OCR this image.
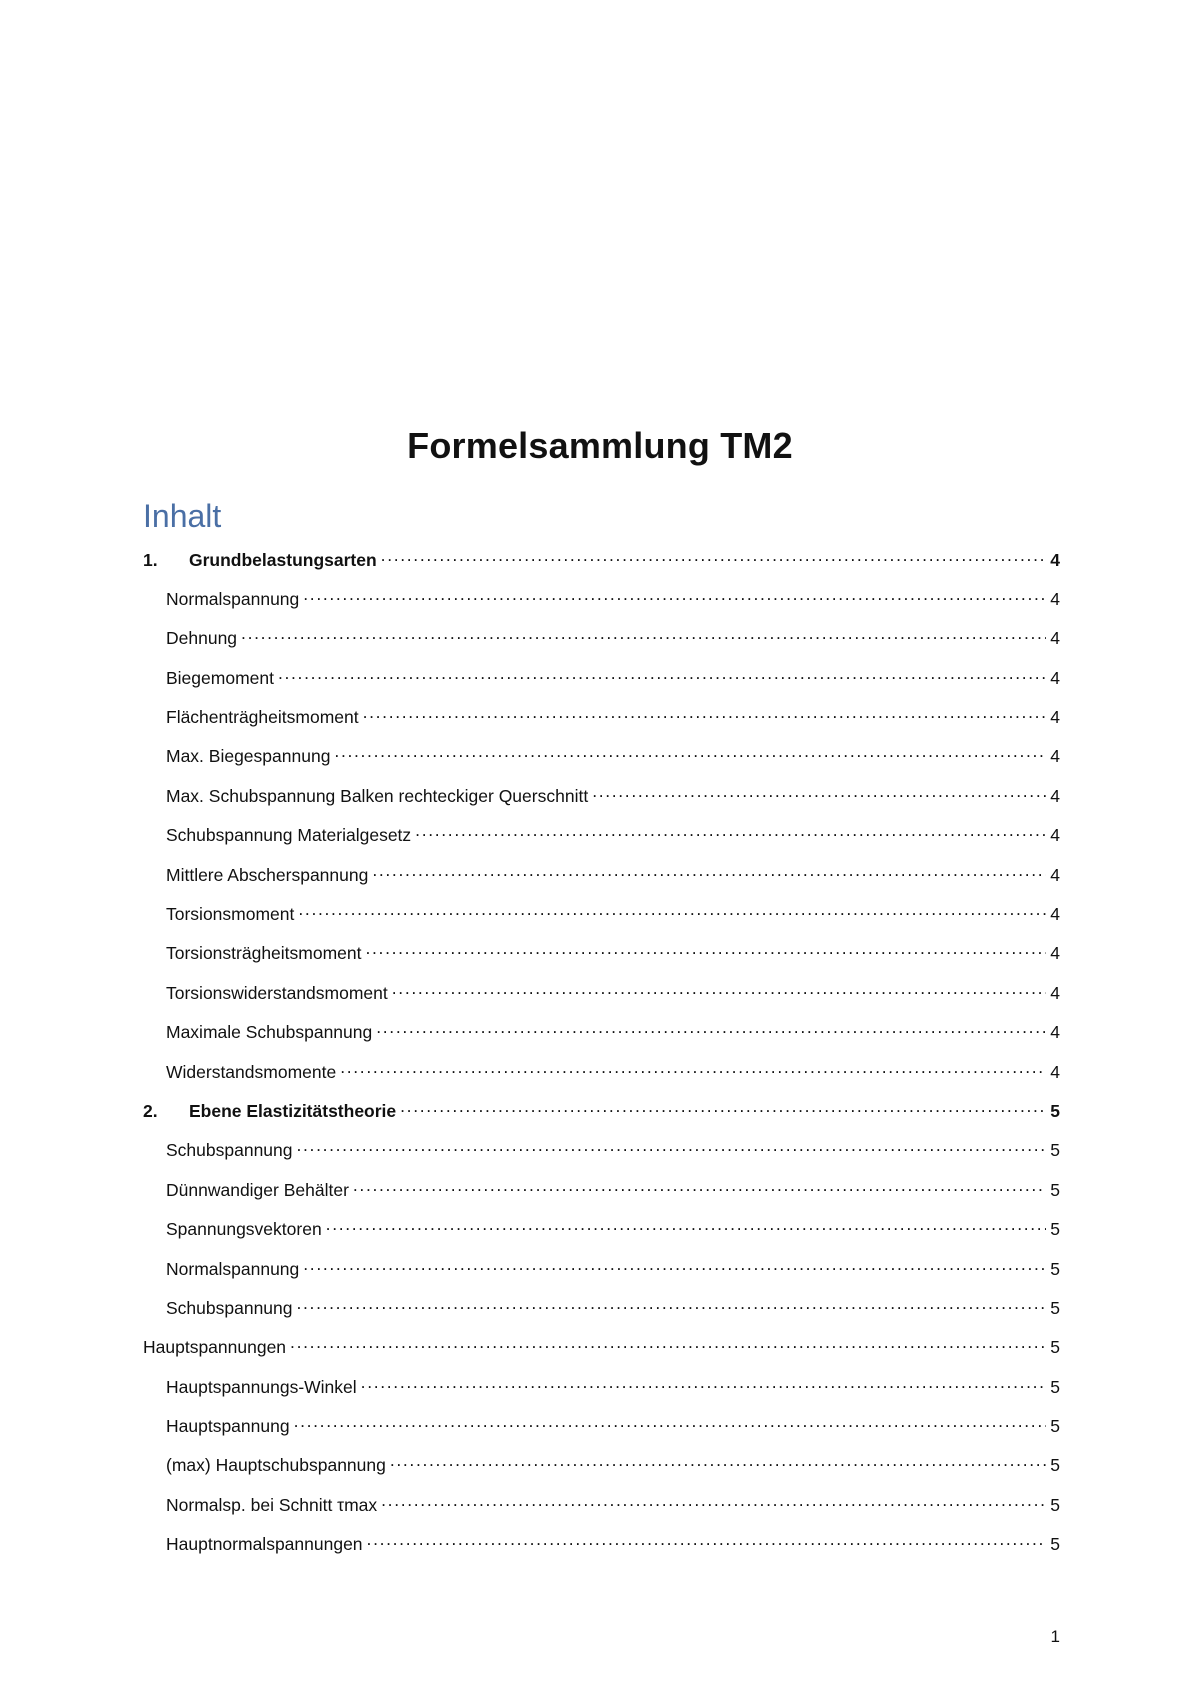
Formelsammlung TM2
Inhalt
1.	Grundbelastungsarten . . .	4
Normalspannung . . .	4
Dehnung . . .	4
Biegemoment . . .	4
Flächenträgheitsmoment . . .	4
Max. Biegespannung . . .	4
Max. Schubspannung Balken rechteckiger Querschnitt . . .	4
Schubspannung Materialgesetz . . .	4
Mittlere Abscherspannung . . .	4
Torsionsmoment . . .	4
Torsionsträgheitsmoment . . .	4
Torsionswiderstandsmoment . . .	4
Maximale Schubspannung . . .	4
Widerstandsmomente . . .	4
2.	Ebene Elastizitätstheorie . . .	5
Schubspannung . . .	5
Dünnwandiger Behälter . . .	5
Spannungsvektoren . . .	5
Normalspannung . . .	5
Schubspannung . . .	5
Hauptspannungen . . .	5
Hauptspannungs-Winkel . . .	5
Hauptspannung . . .	5
(max) Hauptschubspannung . . .	5
Normalsp. bei Schnitt τmax . . .	5
Hauptnormalspannungen . . .	5

1
